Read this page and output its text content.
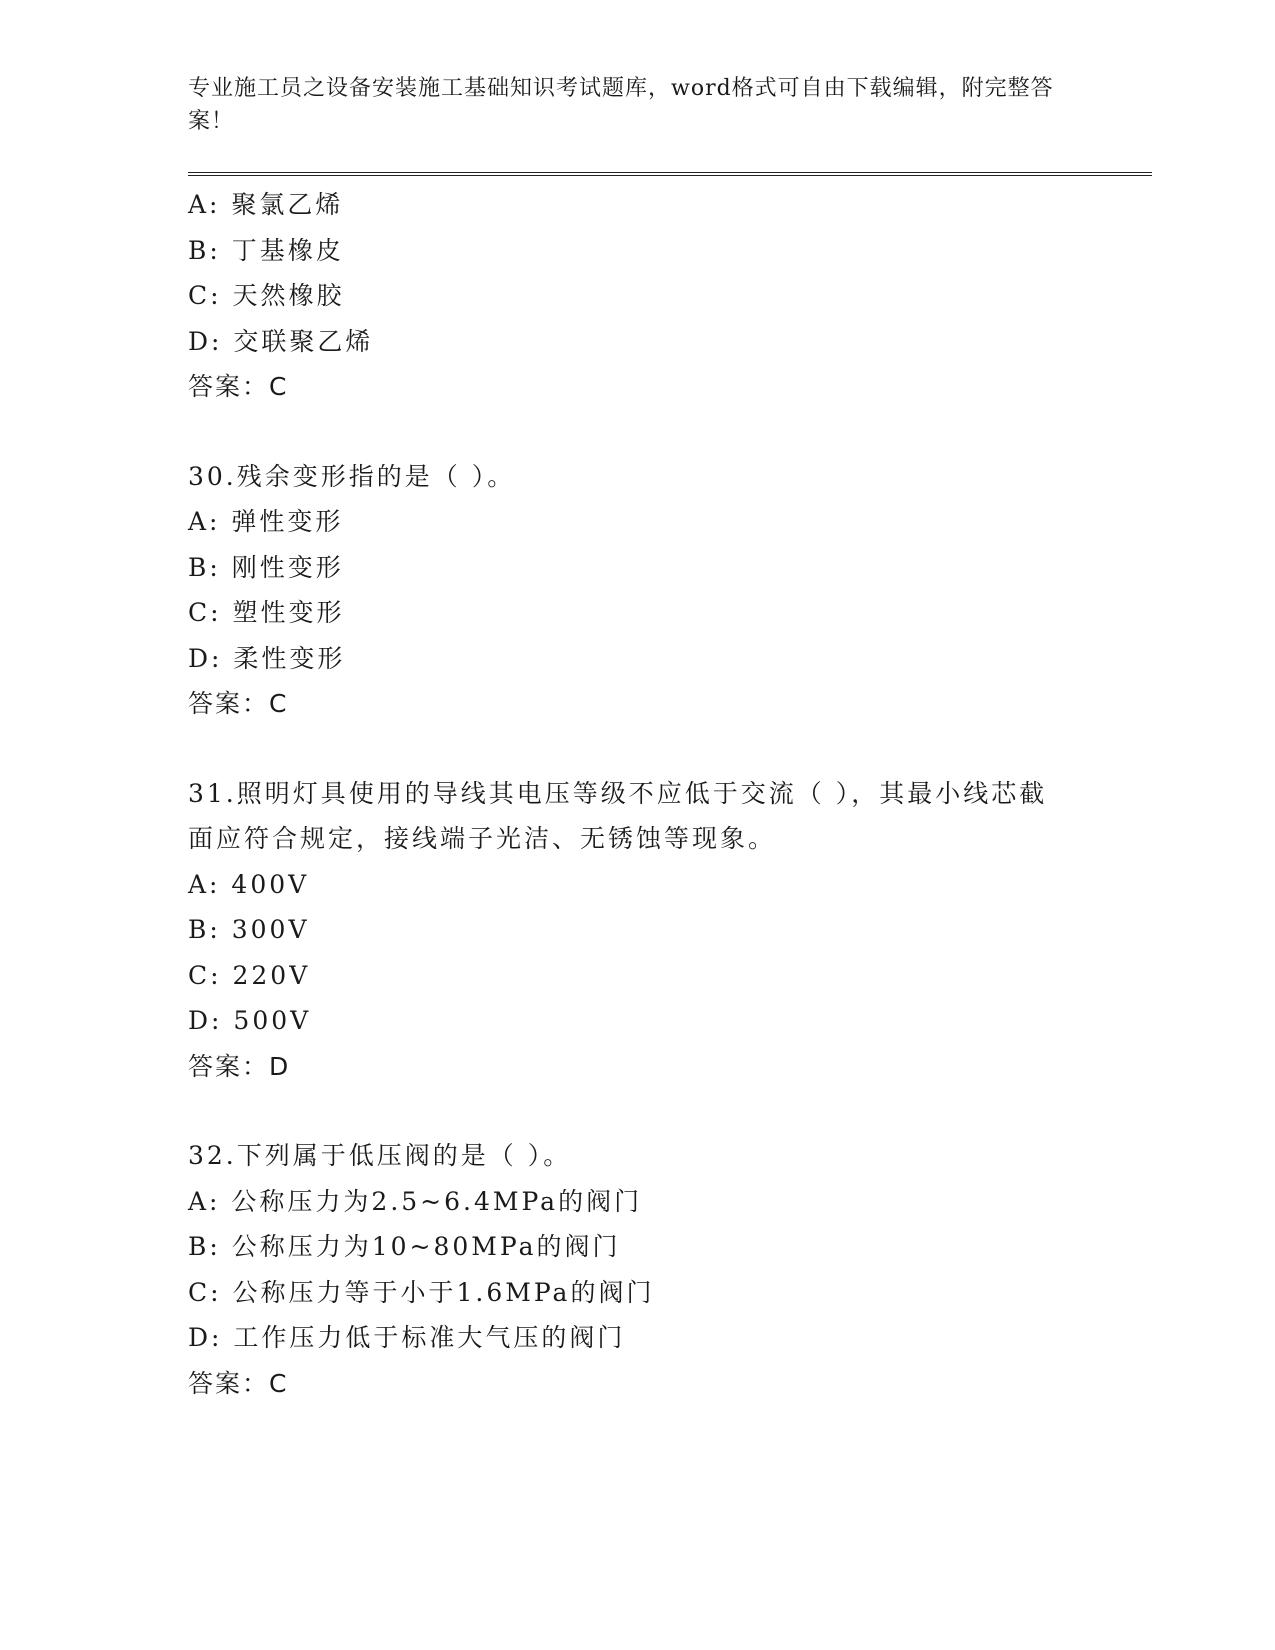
专业施工员之设备安装施工基础知识考试题库，word格式可自由下载编辑，附完整答案！

A: 聚氯乙烯
B: 丁基橡皮
C: 天然橡胶
D: 交联聚乙烯
答案：C
30.残余变形指的是（ ）。
A: 弹性变形
B: 刚性变形
C: 塑性变形
D: 柔性变形
答案：C
31.照明灯具使用的导线其电压等级不应低于交流（ ），其最小线芯截面应符合规定，接线端子光洁、无锈蚀等现象。
A: 400V
B: 300V
C: 220V
D: 500V
答案：D
32.下列属于低压阀的是（ ）。
A: 公称压力为2.5~6.4MPa的阀门
B: 公称压力为10~80MPa的阀门
C: 公称压力等于小于1.6MPa的阀门
D: 工作压力低于标准大气压的阀门
答案：C
